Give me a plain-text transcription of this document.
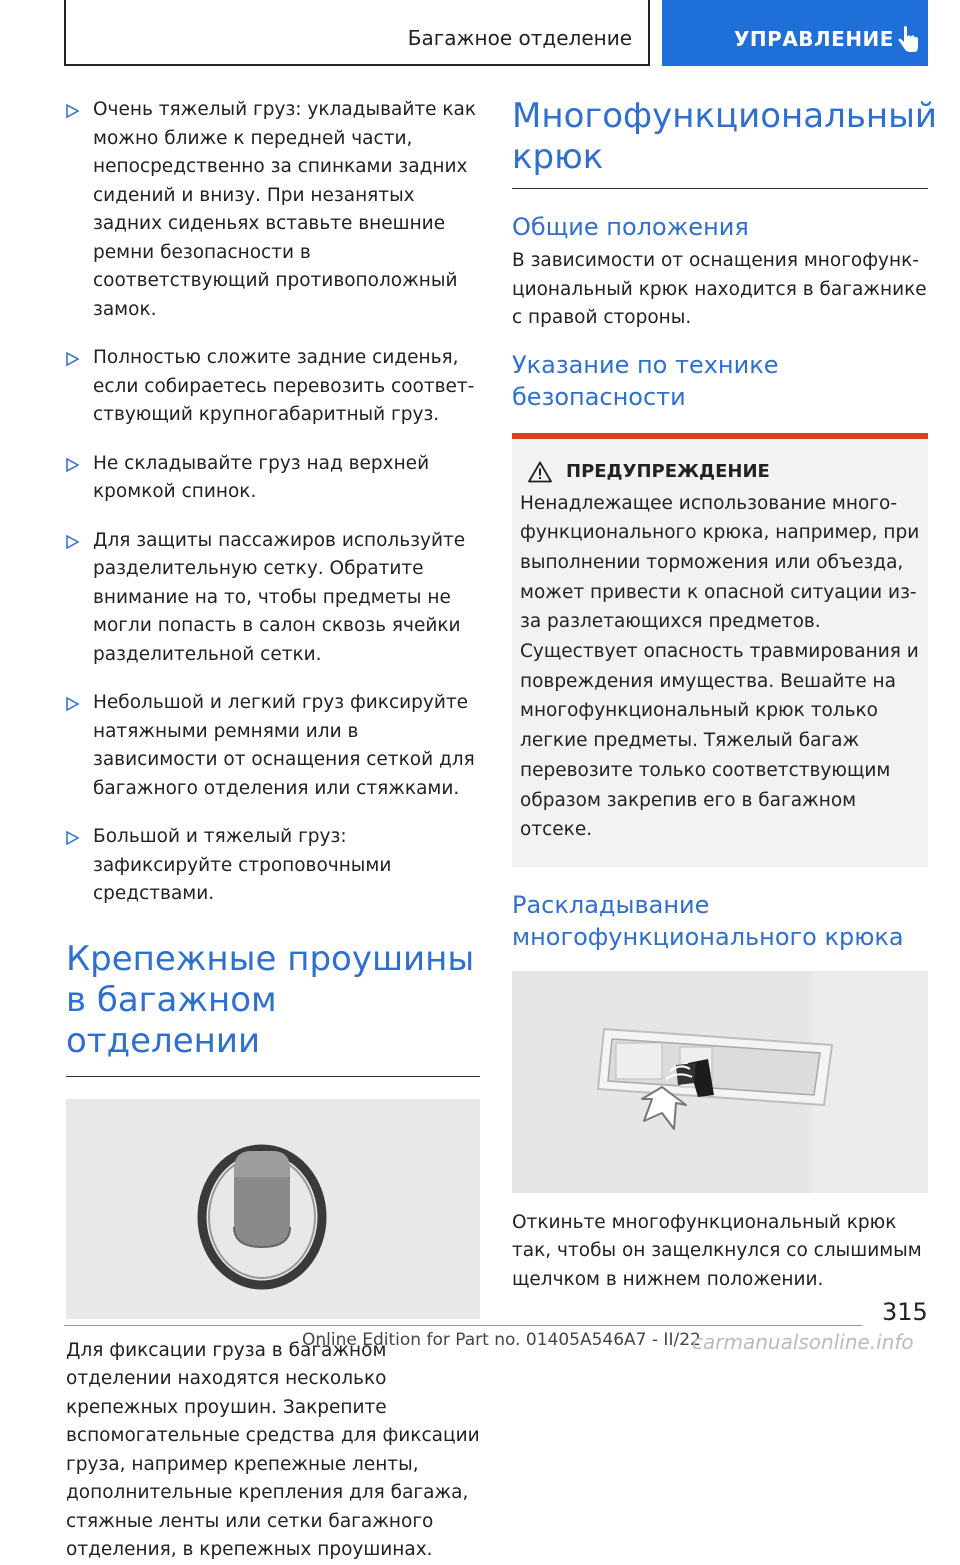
Багажное отделение	УПРАВЛЕНИЕ
Очень тяжелый груз: укладывайте как можно ближе к передней части, непосредственно за спинками задних сидений и внизу. При незанятых задних сиденьях вставьте внешние ремни безопасности в соответствующий противоположный замок.
Полностью сложите задние сиденья, если собираетесь перевозить соответствующий крупногабаритный груз.
Не складывайте груз над верхней кромкой спинок.
Для защиты пассажиров используйте разделительную сетку. Обратите внимание на то, чтобы предметы не могли попасть в салон сквозь ячейки разделительной сетки.
Небольшой и легкий груз фиксируйте натяжными ремнями или в зависимости от оснащения сеткой для багажного отделения или стяжками.
Большой и тяжелый груз: зафиксируйте строповочными средствами.
Крепежные проушины в багажном отделении

Для фиксации груза в багажном отделении находятся несколько крепежных проушин. Закрепите вспомогательные средства для фиксации груза, например крепежные ленты, дополнительные крепления для багажа, стяжные ленты или сетки багажного отделения, в крепежных проушинах.

Многофункциональный крюк
Общие положения

В зависимости от оснащения многофункциональный крюк находится в багажнике с правой стороны.

Указание по технике безопасности
ПРЕДУПРЕЖДЕНИЕ

Ненадлежащее использование многофункционального крюка, например, при выполнении торможения или объезда, может привести к опасной ситуации из-за разлетающихся предметов. Существует опасность травмирования и повреждения имущества. Вешайте на многофункциональный крюк только легкие предметы. Тяжелый багаж перевозите только соответствующим образом закрепив его в багажном отсеке.

Раскладывание многофункционального крюка

Откиньте многофункциональный крюк так, чтобы он защелкнулся со слышимым щелчком в нижнем положении.

315
Online Edition for Part no. 01405A546A7 - II/22
carmanualsonline.info
